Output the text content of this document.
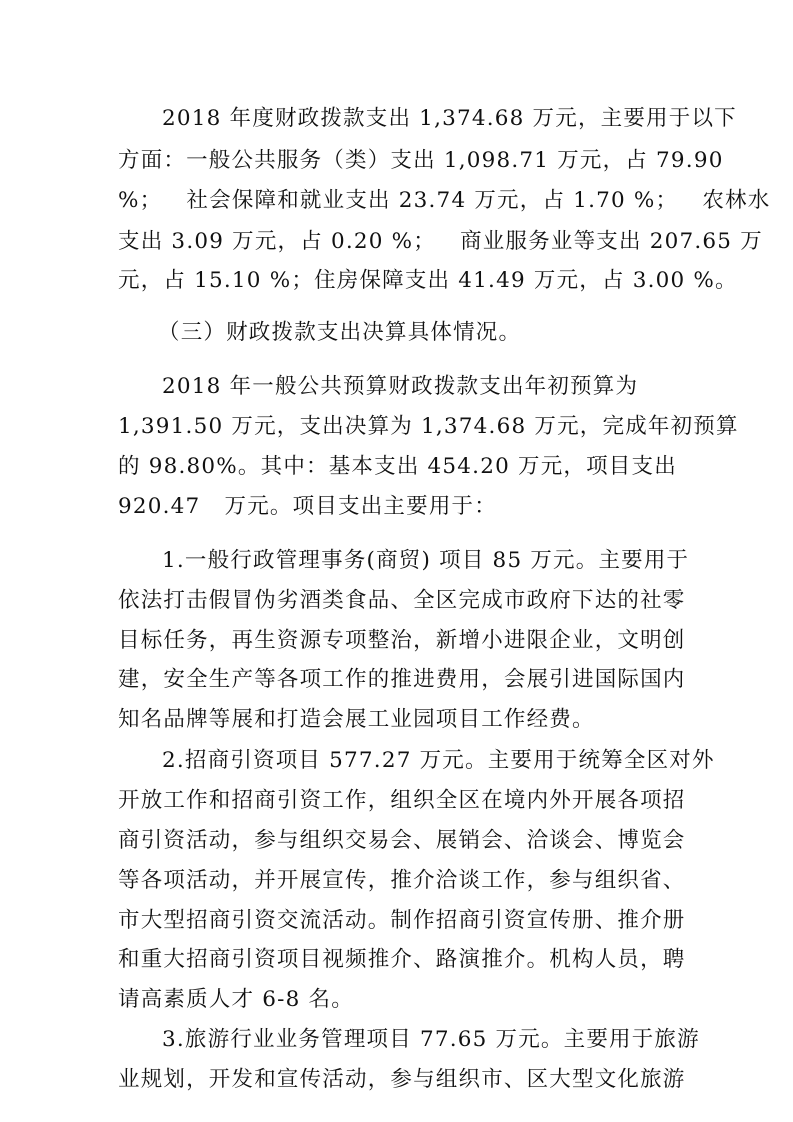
2018 年度财政拨款支出 1,374.68 万元，主要用于以下
方面：一般公共服务（类）支出 1,098.71 万元，占 79.90
%；   社会保障和就业支出 23.74 万元，占 1.70 %；   农林水
支出 3.09 万元，占 0.20 %；   商业服务业等支出 207.65 万
元，占 15.10 %；住房保障支出 41.49 万元，占 3.00 %。
（三）财政拨款支出决算具体情况。
2018 年一般公共预算财政拨款支出年初预算为
1,391.50 万元，支出决算为 1,374.68 万元，完成年初预算
的 98.80%。其中：基本支出 454.20 万元，项目支出
920.47   万元。项目支出主要用于：
1.一般行政管理事务(商贸) 项目 85 万元。主要用于
依法打击假冒伪劣酒类食品、全区完成市政府下达的社零
目标任务，再生资源专项整治，新增小进限企业，文明创
建，安全生产等各项工作的推进费用，会展引进国际国内
知名品牌等展和打造会展工业园项目工作经费。
2.招商引资项目 577.27 万元。主要用于统筹全区对外
开放工作和招商引资工作，组织全区在境内外开展各项招
商引资活动，参与组织交易会、展销会、洽谈会、博览会
等各项活动，并开展宣传，推介洽谈工作，参与组织省、
市大型招商引资交流活动。制作招商引资宣传册、推介册
和重大招商引资项目视频推介、路演推介。机构人员，聘
请高素质人才 6-8 名。
3.旅游行业业务管理项目 77.65 万元。主要用于旅游
业规划，开发和宣传活动，参与组织市、区大型文化旅游
